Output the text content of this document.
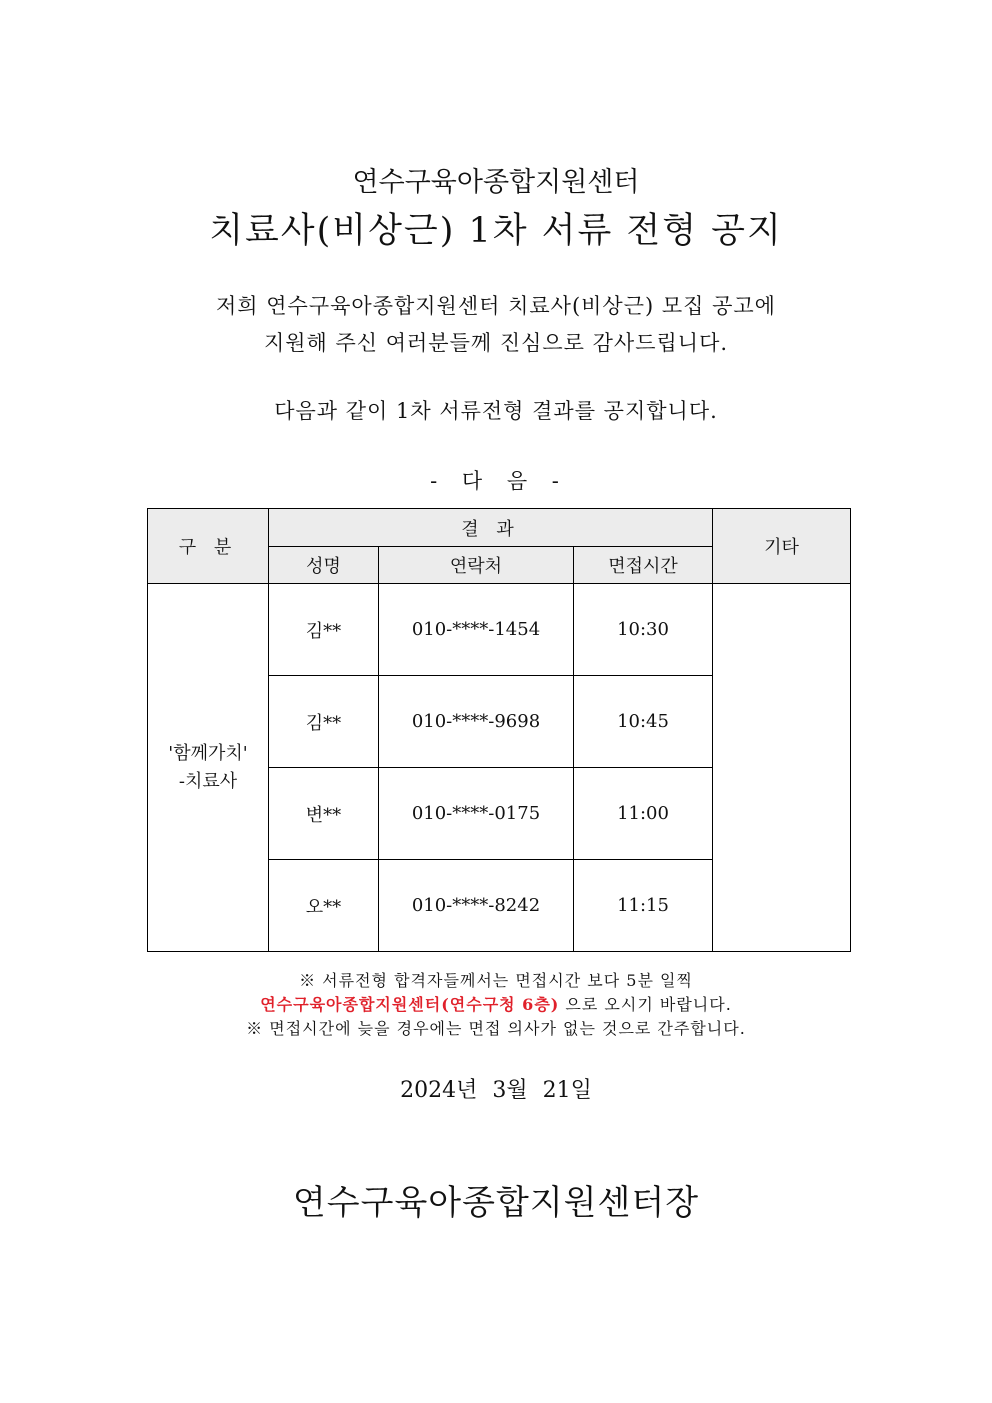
연수구육아종합지원센터
치료사(비상근) 1차 서류 전형 공지
저희 연수구육아종합지원센터 치료사(비상근) 모집 공고에
지원해 주신 여러분들께 진심으로 감사드립니다.
다음과 같이 1차 서류전형 결과를 공지합니다.
- 다 음 -
구 분	결 과			기타
	성명	연락처	면접시간	

'함께가치'
-치료사	김**	010-****-1454	10:30	
	김**	010-****-9698	10:45	
	변**	010-****-0175	11:00	
	오**	010-****-8242	11:15	
※ 서류전형 합격자들께서는 면접시간 보다 5분 일찍
연수구육아종합지원센터(연수구청 6층) 으로 오시기 바랍니다.
※ 면접시간에 늦을 경우에는 면접 의사가 없는 것으로 간주합니다.
2024년 3월 21일
연수구육아종합지원센터장
